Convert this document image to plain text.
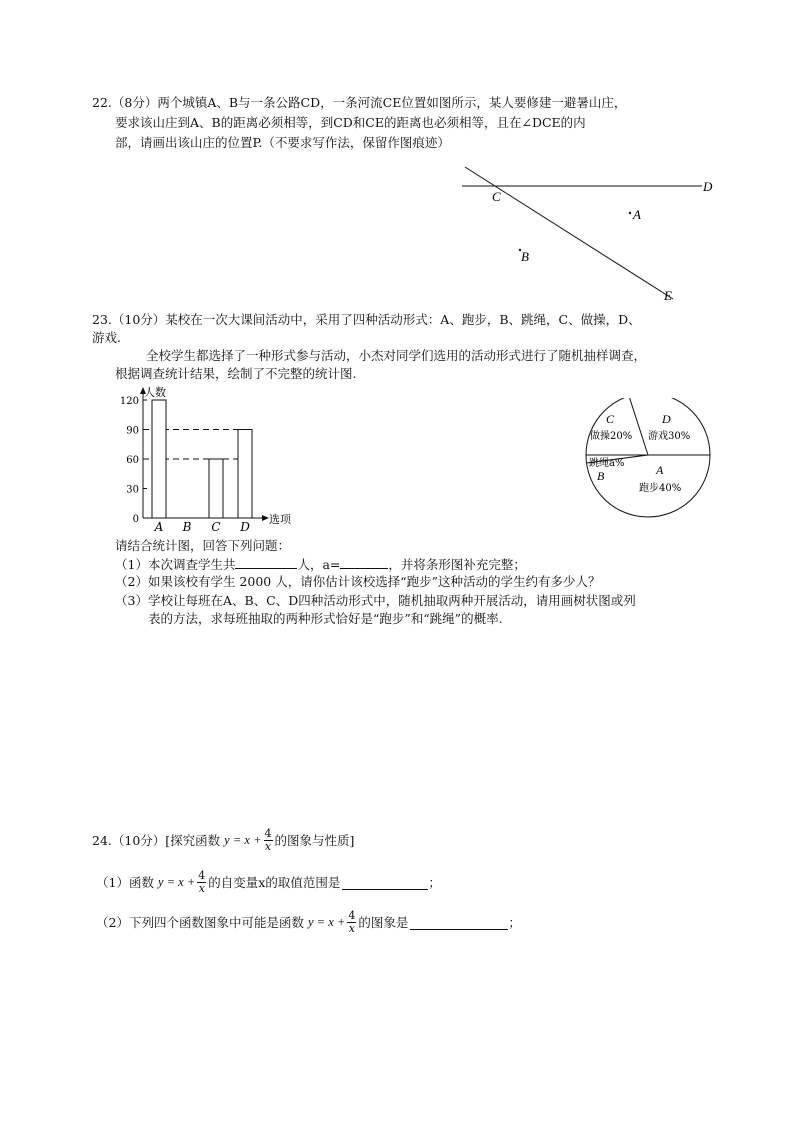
22.（8分）两个城镇A、B与一条公路CD，一条河流CE位置如图所示，某人要修建一避暑山庄，
要求该山庄到A、B的距离必须相等，到CD和CE的距离也必须相等，且在∠DCE的内
部，请画出该山庄的位置P.（不要求写作法，保留作图痕迹）
C
D
A
B
E
23.（10分）某校在一次大课间活动中，采用了四种活动形式：A、跑步，B、跳绳，C、做操，D、
游戏.
全校学生都选择了一种形式参与活动，小杰对同学们选用的活动形式进行了随机抽样调查，
根据调查统计结果，绘制了不完整的统计图.
人数
选项
0
30
60
90
120
A B C D
C
做操20%
D
游戏30%
跳绳a%
B	A
跑步40%
请结合统计图，回答下列问题：
（1）本次调查学生共	人，a=	，并将条形图补充完整；
（2）如果该校有学生 2000 人，请你估计该校选择“跑步”这种活动的学生约有多少人？
（3）学校让每班在A、B、C、D四种活动形式中，随机抽取两种开展活动，请用画树状图或列
表的方法，求每班抽取的两种形式恰好是“跑步”和“跳绳”的概率.
24.（10分）[探究函数 $y = x + \frac{4}{x}$ 的图象与性质]
（1）函数 $y = x + \frac{4}{x}$ 的自变量x的取值范围是	；
（2）下列四个函数图象中可能是函数 $y = x + \frac{4}{x}$ 的图象是	；
